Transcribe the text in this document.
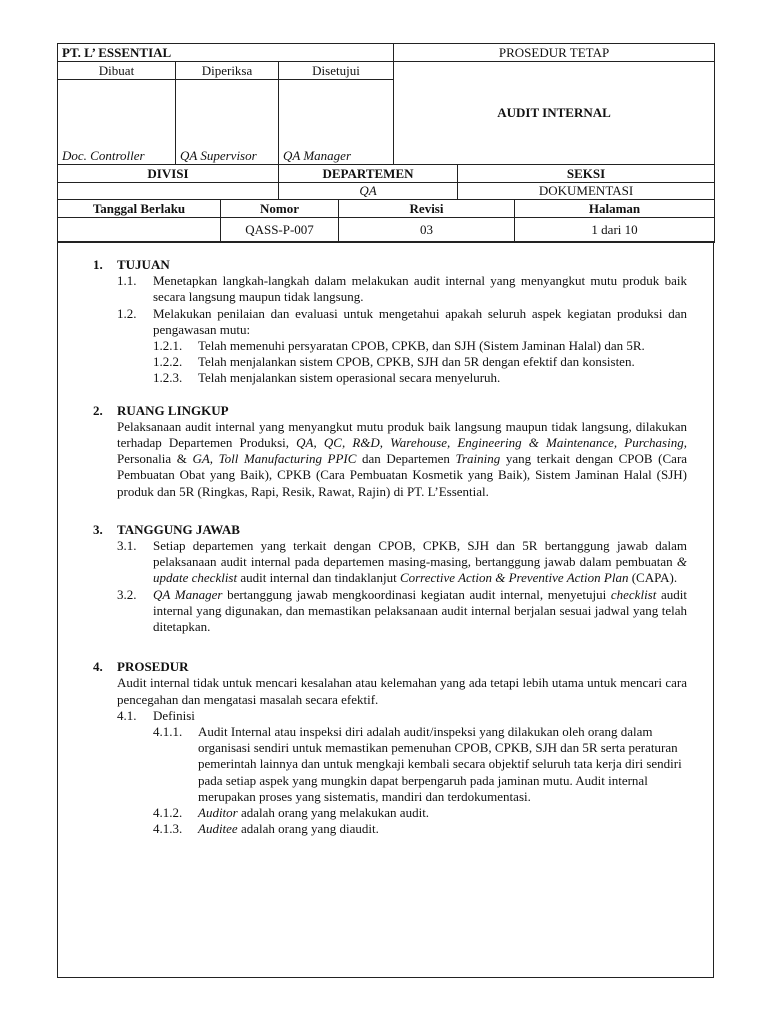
PT. L’ ESSENTIAL					PROSEDUR TETAP		
Dibuat	Diperiksa		Disetujui		AUDIT INTERNAL		
Doc. Controller	QA Supervisor		QA Manager				
DIVISI			DEPARTEMEN			SEKSI	
			QA			DOKUMENTASI	
Tanggal Berlaku		Nomor		Revisi			Halaman
		QASS-P-007		03			1 dari 10
1.	TUJUAN
1.1.	Menetapkan langkah-langkah dalam melakukan audit internal yang menyangkut mutu produk baik secara langsung maupun tidak langsung.
1.2.	Melakukan penilaian dan evaluasi untuk mengetahui apakah seluruh aspek kegiatan produksi dan pengawasan mutu:
1.2.1.	Telah memenuhi persyaratan CPOB, CPKB, dan SJH (Sistem Jaminan Halal) dan 5R.
1.2.2.	Telah menjalankan sistem CPOB, CPKB, SJH dan 5R dengan efektif dan konsisten.
1.2.3.	Telah menjalankan sistem operasional secara menyeluruh.
2.	RUANG LINGKUP
Pelaksanaan audit internal yang menyangkut mutu produk baik langsung maupun tidak langsung, dilakukan terhadap Departemen Produksi, QA, QC, R&D, Warehouse, Engineering & Maintenance, Purchasing, Personalia & GA, Toll Manufacturing PPIC dan Departemen Training yang terkait dengan CPOB (Cara Pembuatan Obat yang Baik), CPKB (Cara Pembuatan Kosmetik yang Baik), Sistem Jaminan Halal (SJH) produk dan 5R (Ringkas, Rapi, Resik, Rawat, Rajin) di PT. L’Essential.
3.	TANGGUNG JAWAB
3.1.	Setiap departemen yang terkait dengan CPOB, CPKB, SJH dan 5R bertanggung jawab dalam pelaksanaan audit internal pada departemen masing-masing, bertanggung jawab dalam pembuatan & update checklist audit internal dan tindaklanjut Corrective Action & Preventive Action Plan (CAPA).
3.2.	QA Manager bertanggung jawab mengkoordinasi kegiatan audit internal, menyetujui checklist audit internal yang digunakan, dan memastikan pelaksanaan audit internal berjalan sesuai jadwal yang telah ditetapkan.
4.	PROSEDUR
Audit internal tidak untuk mencari kesalahan atau kelemahan yang ada tetapi lebih utama untuk mencari cara pencegahan dan mengatasi masalah secara efektif.
4.1.	Definisi
4.1.1.	Audit Internal atau inspeksi diri adalah audit/inspeksi yang dilakukan oleh orang dalam organisasi sendiri untuk memastikan pemenuhan CPOB, CPKB, SJH dan 5R serta peraturan pemerintah lainnya dan untuk mengkaji kembali secara objektif seluruh tata kerja diri sendiri pada setiap aspek yang mungkin dapat berpengaruh pada jaminan mutu. Audit internal merupakan proses yang sistematis, mandiri dan terdokumentasi.
4.1.2.	Auditor adalah orang yang melakukan audit.
4.1.3.	Auditee adalah orang yang diaudit.
